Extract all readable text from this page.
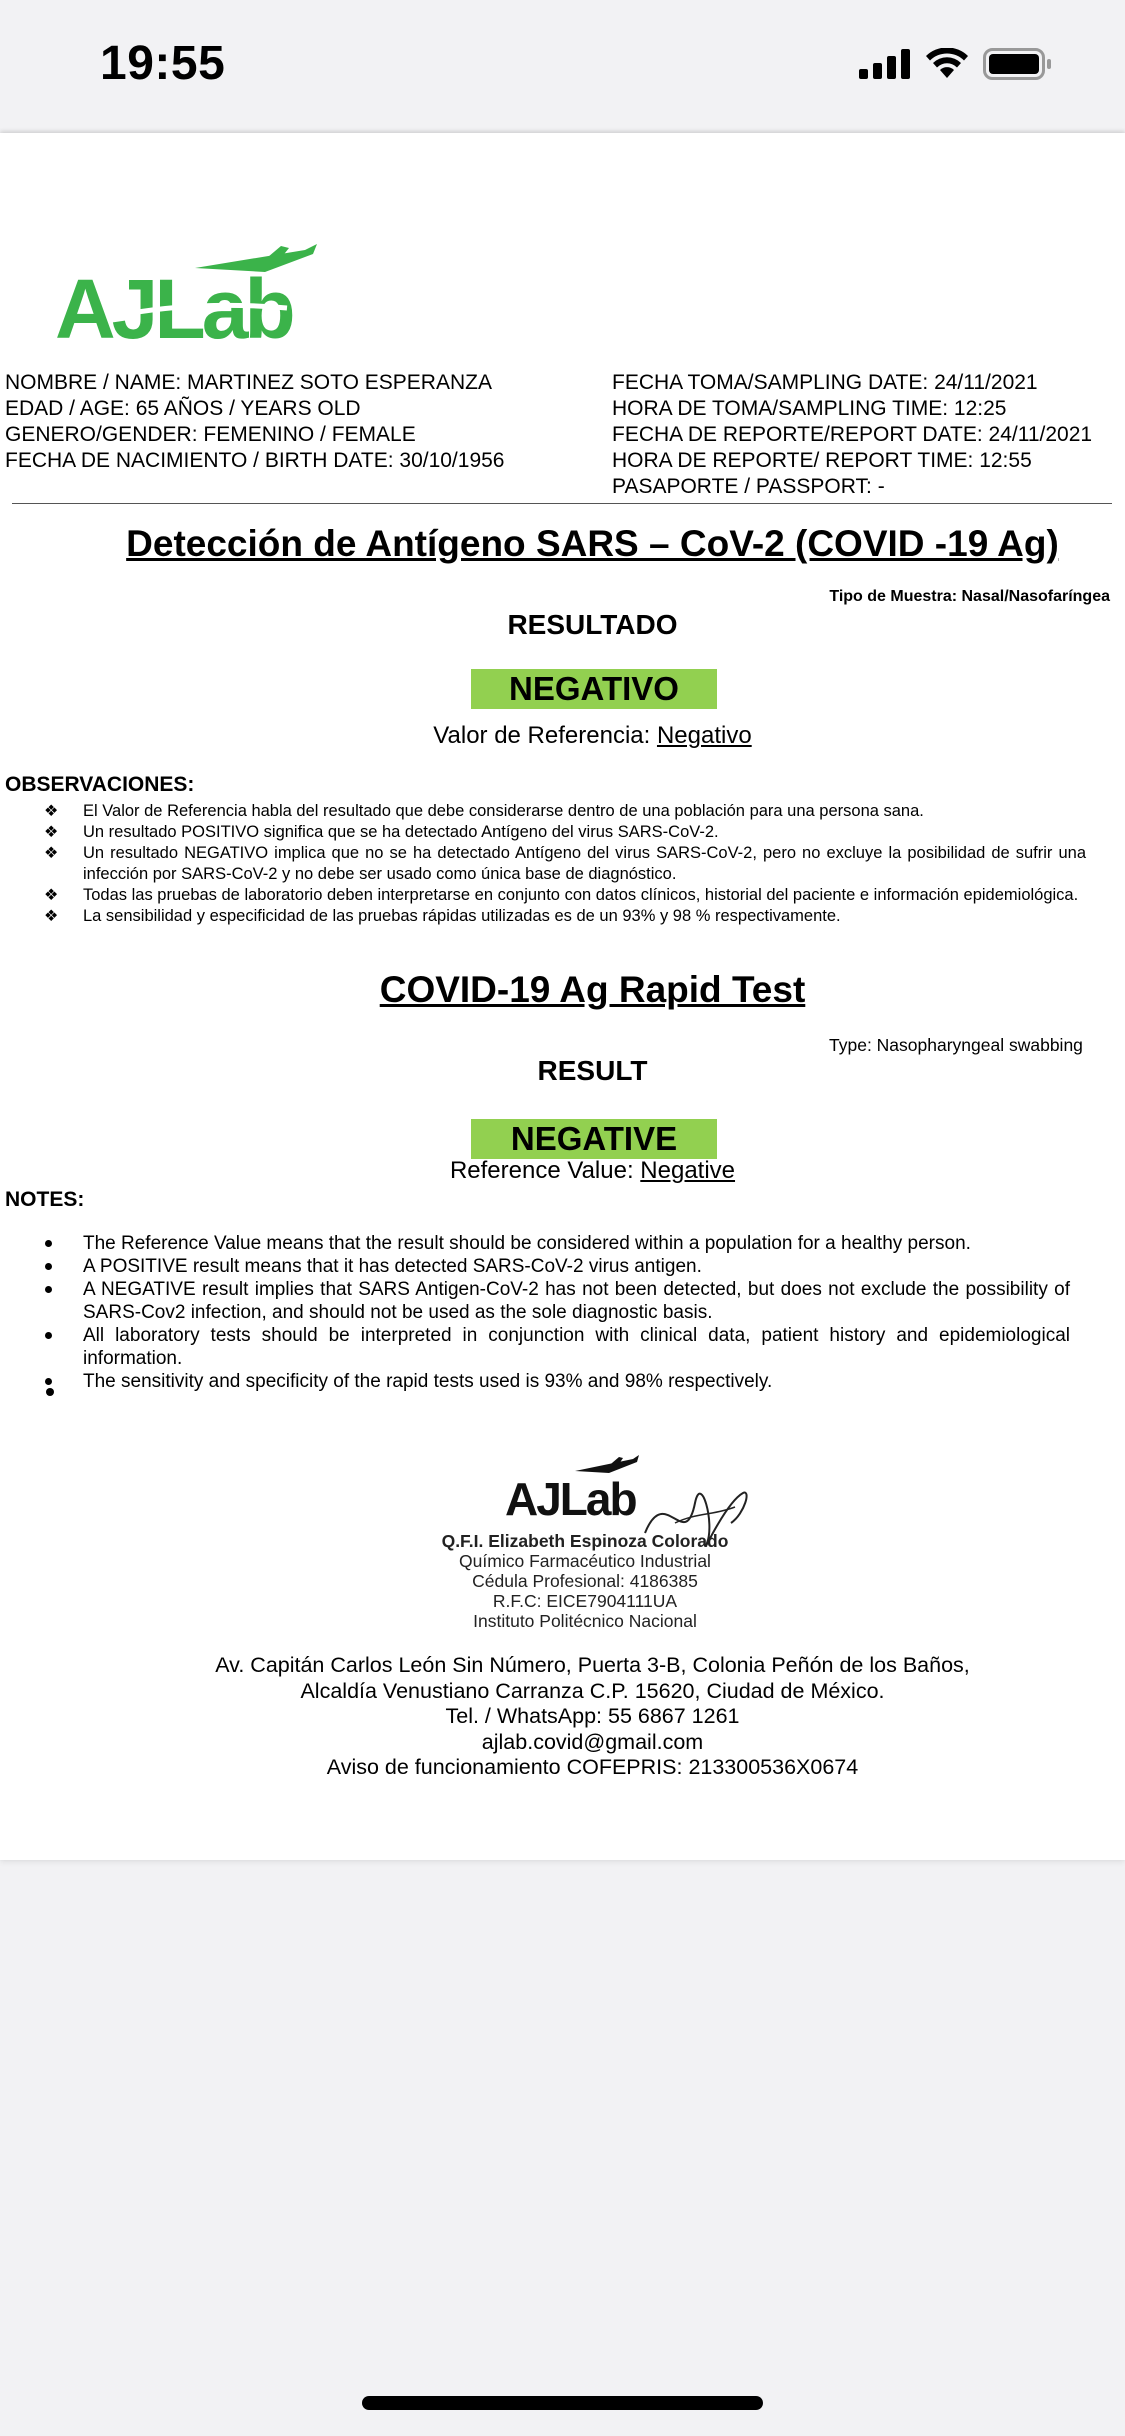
19:55
AJLab
NOMBRE / NAME: MARTINEZ SOTO ESPERANZA
EDAD / AGE: 65 AÑOS / YEARS OLD
GENERO/GENDER: FEMENINO / FEMALE
FECHA DE NACIMIENTO / BIRTH DATE: 30/10/1956
FECHA TOMA/SAMPLING DATE: 24/11/2021
HORA DE TOMA/SAMPLING TIME: 12:25
FECHA DE REPORTE/REPORT DATE: 24/11/2021
HORA DE REPORTE/ REPORT TIME: 12:55
PASAPORTE / PASSPORT: -
Detección de Antígeno SARS – CoV-2 (COVID -19 Ag)
Tipo de Muestra: Nasal/Nasofaríngea
RESULTADO
NEGATIVO
Valor de Referencia: Negativo
OBSERVACIONES:
❖ El Valor de Referencia habla del resultado que debe considerarse dentro de una población para una persona sana.
❖ Un resultado POSITIVO significa que se ha detectado Antígeno del virus SARS-CoV-2.
❖ Un resultado NEGATIVO implica que no se ha detectado Antígeno del virus SARS-CoV-2, pero no excluye la posibilidad de sufrir una infección por SARS-CoV-2 y no debe ser usado como única base de diagnóstico.
❖ Todas las pruebas de laboratorio deben interpretarse en conjunto con datos clínicos, historial del paciente e información epidemiológica.
❖ La sensibilidad y especificidad de las pruebas rápidas utilizadas es de un 93% y 98 % respectivamente.
COVID-19 Ag Rapid Test
Type: Nasopharyngeal swabbing
RESULT
NEGATIVE
Reference Value: Negative
NOTES:
The Reference Value means that the result should be considered within a population for a healthy person.
A POSITIVE result means that it has detected SARS-CoV-2 virus antigen.
A NEGATIVE result implies that SARS Antigen-CoV-2 has not been detected, but does not exclude the possibility of SARS-Cov2 infection, and should not be used as the sole diagnostic basis.
All laboratory tests should be interpreted in conjunction with clinical data, patient history and epidemiological information.
The sensitivity and specificity of the rapid tests used is 93% and 98% respectively.
AJLab
Q.F.I. Elizabeth Espinoza Colorado
Químico Farmacéutico Industrial
Cédula Profesional: 4186385
R.F.C: EICE7904111UA
Instituto Politécnico Nacional
Av. Capitán Carlos León Sin Número, Puerta 3-B, Colonia Peñón de los Baños,
Alcaldía Venustiano Carranza C.P. 15620, Ciudad de México.
Tel. / WhatsApp: 55 6867 1261
ajlab.covid@gmail.com
Aviso de funcionamiento COFEPRIS: 213300536X0674
